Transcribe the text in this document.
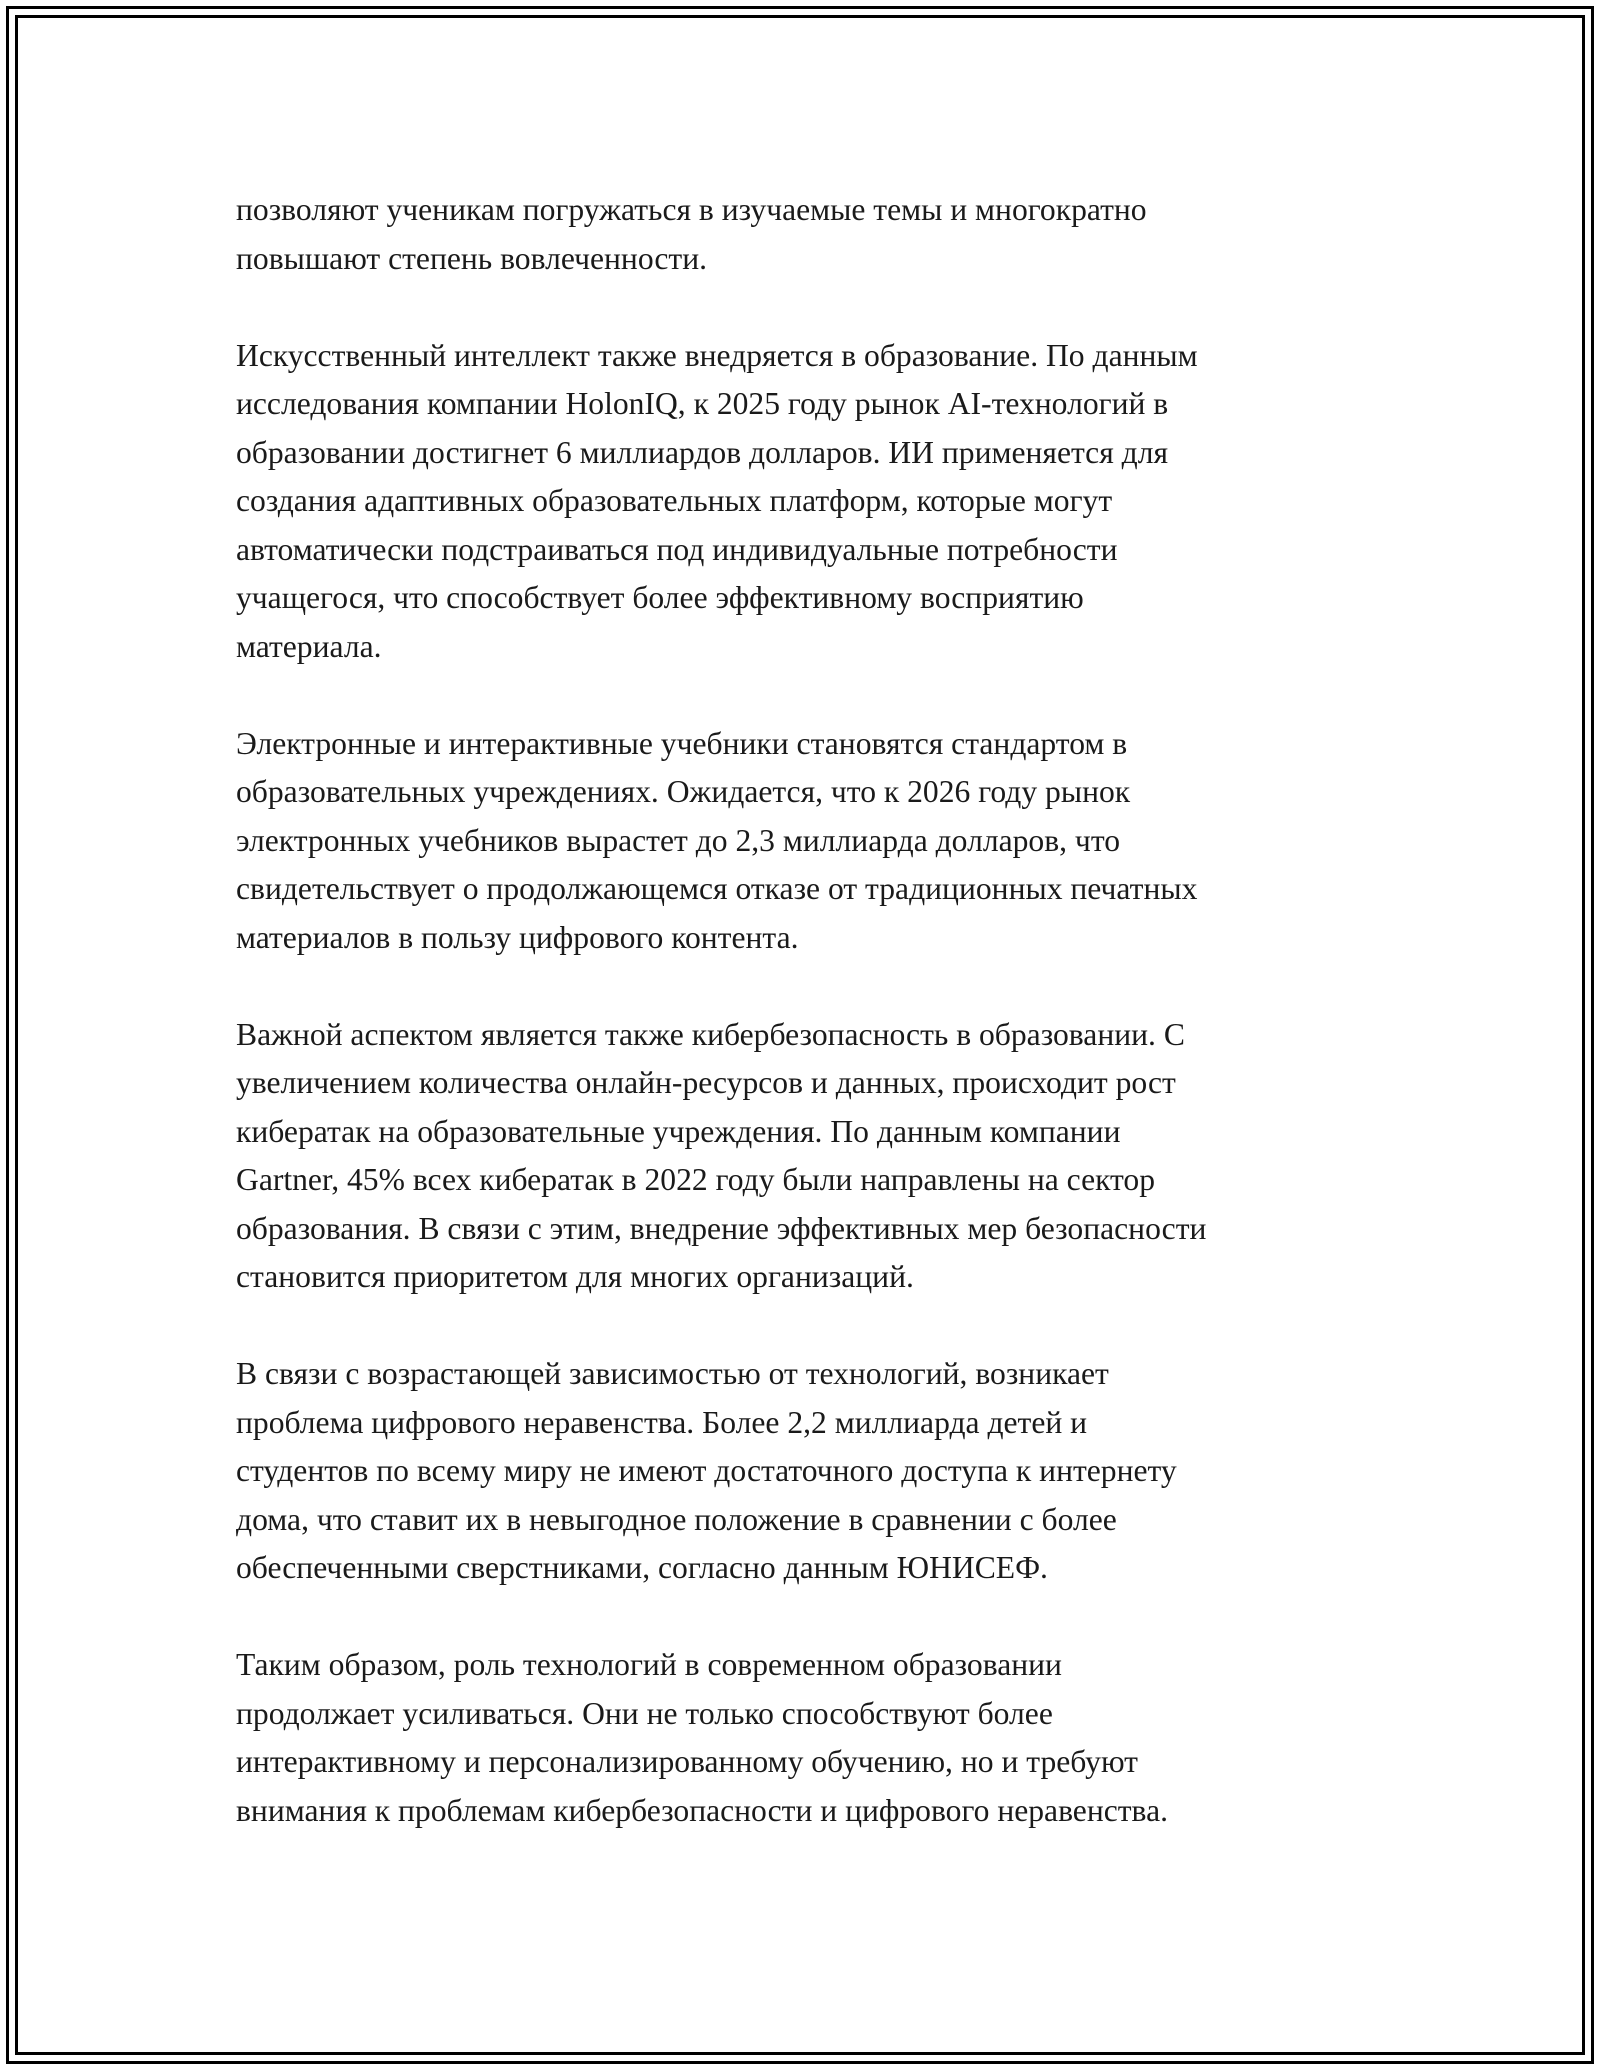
позволяют ученикам погружаться в изучаемые темы и многократно
повышают степень вовлеченности.

Искусственный интеллект также внедряется в образование. По данным
исследования компании HolonIQ, к 2025 году рынок AI-технологий в
образовании достигнет 6 миллиардов долларов. ИИ применяется для
создания адаптивных образовательных платформ, которые могут
автоматически подстраиваться под индивидуальные потребности
учащегося, что способствует более эффективному восприятию
материала.

Электронные и интерактивные учебники становятся стандартом в
образовательных учреждениях. Ожидается, что к 2026 году рынок
электронных учебников вырастет до 2,3 миллиарда долларов, что
свидетельствует о продолжающемся отказе от традиционных печатных
материалов в пользу цифрового контента.

Важной аспектом является также кибербезопасность в образовании. С
увеличением количества онлайн-ресурсов и данных, происходит рост
кибератак на образовательные учреждения. По данным компании
Gartner, 45% всех кибератак в 2022 году были направлены на сектор
образования. В связи с этим, внедрение эффективных мер безопасности
становится приоритетом для многих организаций.

В связи с возрастающей зависимостью от технологий, возникает
проблема цифрового неравенства. Более 2,2 миллиарда детей и
студентов по всему миру не имеют достаточного доступа к интернету
дома, что ставит их в невыгодное положение в сравнении с более
обеспеченными сверстниками, согласно данным ЮНИСЕФ.

Таким образом, роль технологий в современном образовании
продолжает усиливаться. Они не только способствуют более
интерактивному и персонализированному обучению, но и требуют
внимания к проблемам кибербезопасности и цифрового неравенства.
